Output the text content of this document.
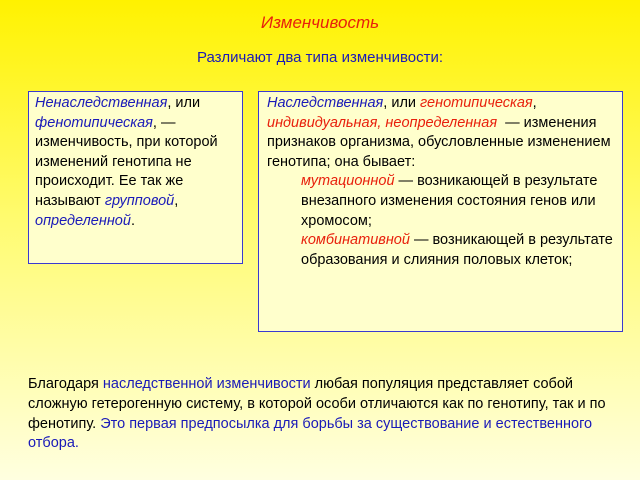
Изменчивость
Различают два типа изменчивости:
Ненаследственная, или фенотипическая, — изменчивость, при которой изменений генотипа не происходит. Ее так же называют групповой, определенной.
Наследственная, или генотипическая, индивидуальная, неопределенная — изменения признаков организма, обусловленные изменением генотипа; она бывает:
мутационной — возникающей в результате внезапного изменения состояния генов или хромосом;
комбинативной — возникающей в результате образования и слияния половых клеток;
Благодаря наследственной изменчивости любая популяция представляет собой сложную гетерогенную систему, в которой особи отличаются как по генотипу, так и по фенотипу. Это первая предпосылка для борьбы за существование и естественного отбора.
